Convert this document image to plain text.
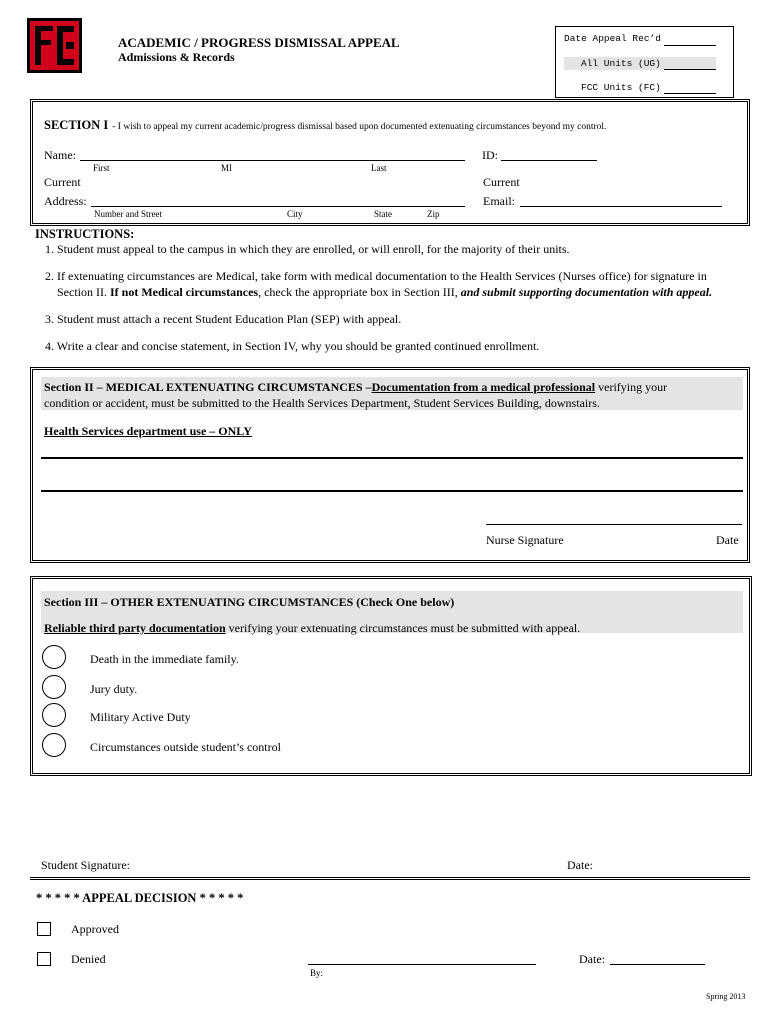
ACADEMIC / PROGRESS DISMISSAL APPEAL
Admissions & Records
Date Appeal Rec’d
All Units (UG)
FCC Units (FC)
SECTION I - I wish to appeal my current academic/progress dismissal based upon documented extenuating circumstances beyond my control.
Name:
First	MI	Last
ID:
Current
Address:
Number and Street	City	State	Zip
Current
Email:
INSTRUCTIONS:
1. Student must appeal to the campus in which they are enrolled, or will enroll, for the majority of their units.
2. If extenuating circumstances are Medical, take form with medical documentation to the Health Services (Nurses office) for signature in
Section II. If not Medical circumstances, check the appropriate box in Section III, and submit supporting documentation with appeal.
3. Student must attach a recent Student Education Plan (SEP) with appeal.
4. Write a clear and concise statement, in Section IV, why you should be granted continued enrollment.
Section II – MEDICAL EXTENUATING CIRCUMSTANCES –Documentation from a medical professional verifying your
condition or accident, must be submitted to the Health Services Department, Student Services Building, downstairs.
Health Services department use – ONLY
Nurse Signature	Date
Section III – OTHER EXTENUATING CIRCUMSTANCES (Check One below)
Reliable third party documentation verifying your extenuating circumstances must be submitted with appeal.
Death in the immediate family.
Jury duty.
Military Active Duty
Circumstances outside student’s control
Student Signature:	Date:
* * * * * APPEAL DECISION * * * * *
Approved
Denied
By:
Date:
Spring 2013
